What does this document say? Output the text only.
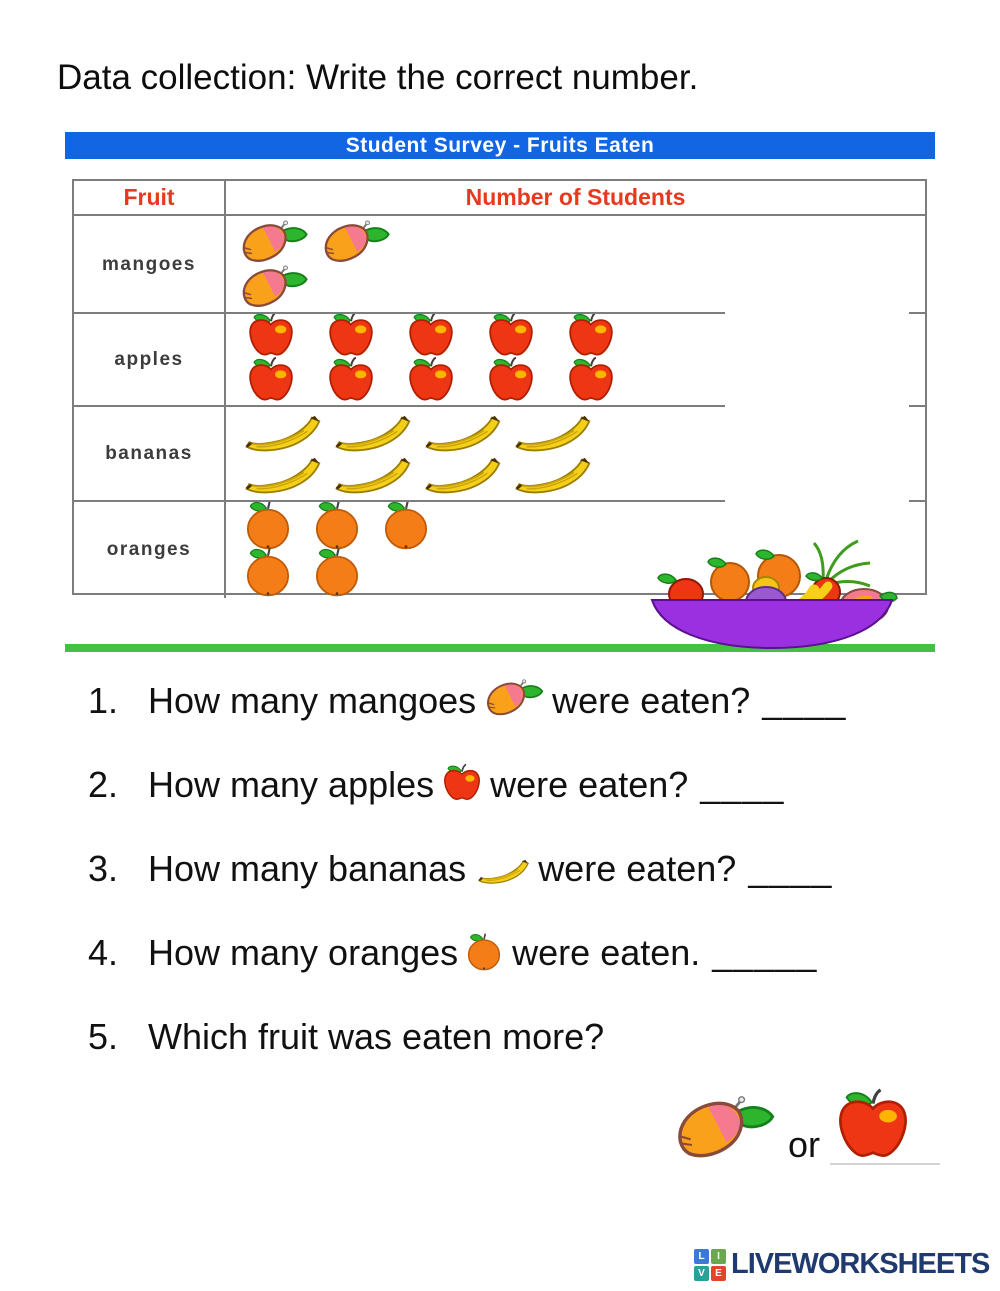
Data collection: Write the correct number.
Student Survey - Fruits Eaten
Fruit	Number of Students
mangoes
apples
bananas
oranges
1. How many mangoes were eaten? ____
2. How many apples were eaten? ____
3. How many bananas were eaten? ____
4. How many oranges were eaten. _____
5. Which fruit was eaten more?
or
L	I
V	E LIVEWORKSHEETS
